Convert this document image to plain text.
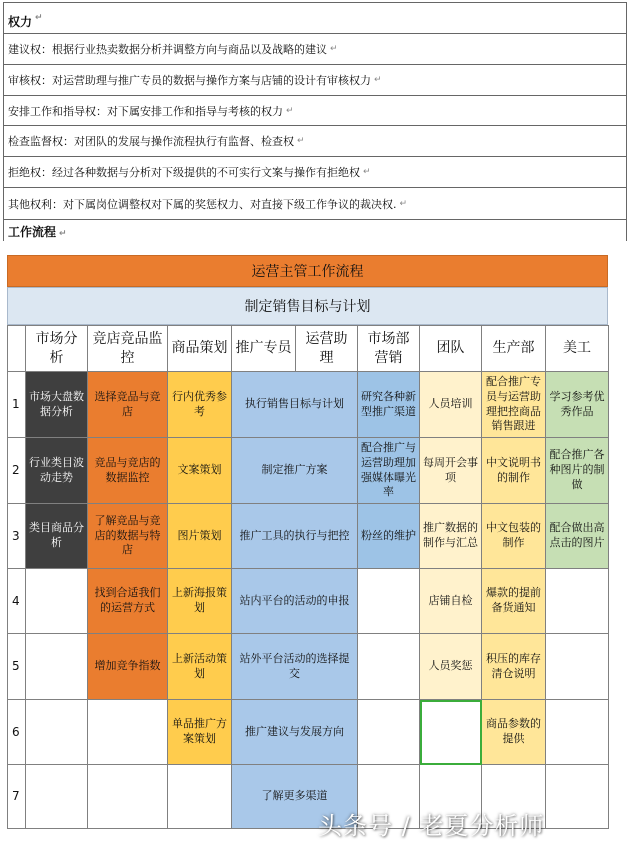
权力 ↵
建议权：根据行业热卖数据分析并调整方向与商品以及战略的建议 ↵
审核权：对运营助理与推广专员的数据与操作方案与店铺的设计有审核权力 ↵
安排工作和指导权：对下属安排工作和指导与考核的权力 ↵
检查监督权：对团队的发展与操作流程执行有监督、检查权 ↵
拒绝权：经过各种数据与分析对下级提供的不可实行文案与操作有拒绝权 ↵
其他权利：对下属岗位调整权对下属的奖惩权力、对直接下级工作争议的裁决权. ↵
工作流程 ↵
运营主管工作流程
制定销售目标与计划
	市场分析	竞店竞品监控	商品策划	推广专员	运营助理	市场部营销	团队	生产部	美工
1	市场大盘数据分析	选择竞品与竞店	行内优秀参考	执行销售目标与计划		研究各种新型推广渠道	人员培训	配合推广专员与运营助理把控商品销售跟进	学习参考优秀作品
2	行业类目波动走势	竞品与竞店的数据监控	文案策划	制定推广方案		配合推广与运营助理加强媒体曝光率	每周开会事项	中文说明书的制作	配合推广各种图片的制做
3	类目商品分析	了解竞品与竞店的数据与特店	图片策划	推广工具的执行与把控		粉丝的维护	推广数据的制作与汇总	中文包装的制作	配合做出高点击的图片
4		找到合适我们的运营方式	上新海报策划	站内平台的活动的申报			店铺自检	爆款的提前备货通知	
5		增加竞争指数	上新活动策划	站外平台活动的选择提交			人员奖惩	积压的库存清仓说明	
6			单品推广方案策划	推广建议与发展方向				商品参数的提供	
7				了解更多渠道					
头条号 / 老夏分析师
